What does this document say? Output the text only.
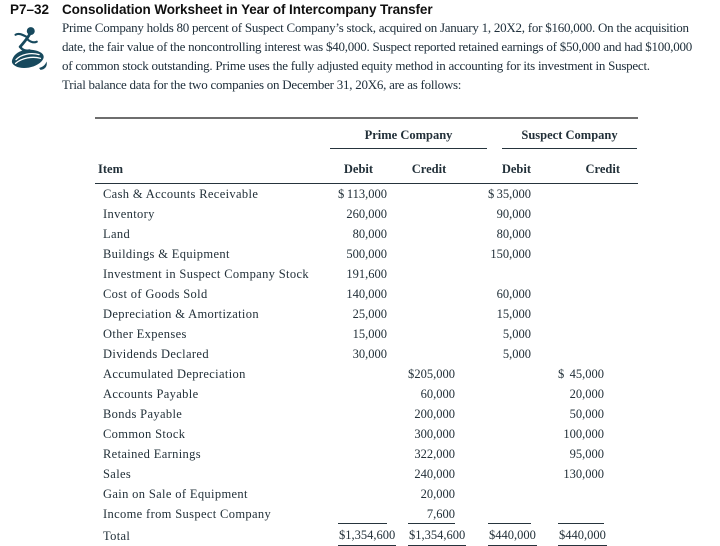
P7–32 Consolidation Worksheet in Year of Intercompany Transfer
Prime Company holds 80 percent of Suspect Company’s stock, acquired on January 1, 20X2, for $160,000. On the acquisition
date, the fair value of the noncontrolling interest was $40,000. Suspect reported retained earnings of $50,000 and had $100,000
of common stock outstanding. Prime uses the fully adjusted equity method in accounting for its investment in Suspect.
Trial balance data for the two companies on December 31, 20X6, are as follows:

	Prime Company		Suspect Company		

Item	Debit	Credit	Debit	Credit	
Cash & Accounts Receivable	$ 113,000		$ 35,000		

Inventory	260,000		90,000		

Land	80,000		80,000		

Buildings & Equipment	500,000		150,000		

Investment in Suspect Company Stock	191,600				

Cost of Goods Sold	140,000		60,000		

Depreciation & Amortization	25,000		15,000		

Other Expenses	15,000		5,000		

Dividends Declared	30,000		5,000		

Accumulated Depreciation		$ 205,000		$ 45,000	

Accounts Payable		60,000		20,000	

Bonds Payable		200,000		50,000	

Common Stock		300,000		100,000	

Retained Earnings		322,000		95,000	

Sales		240,000		130,000	

Gain on Sale of Equipment		20,000			

Income from Suspect Company		7,600			

Total	$1,354,600	$1,354,600	$440,000	$440,000	
